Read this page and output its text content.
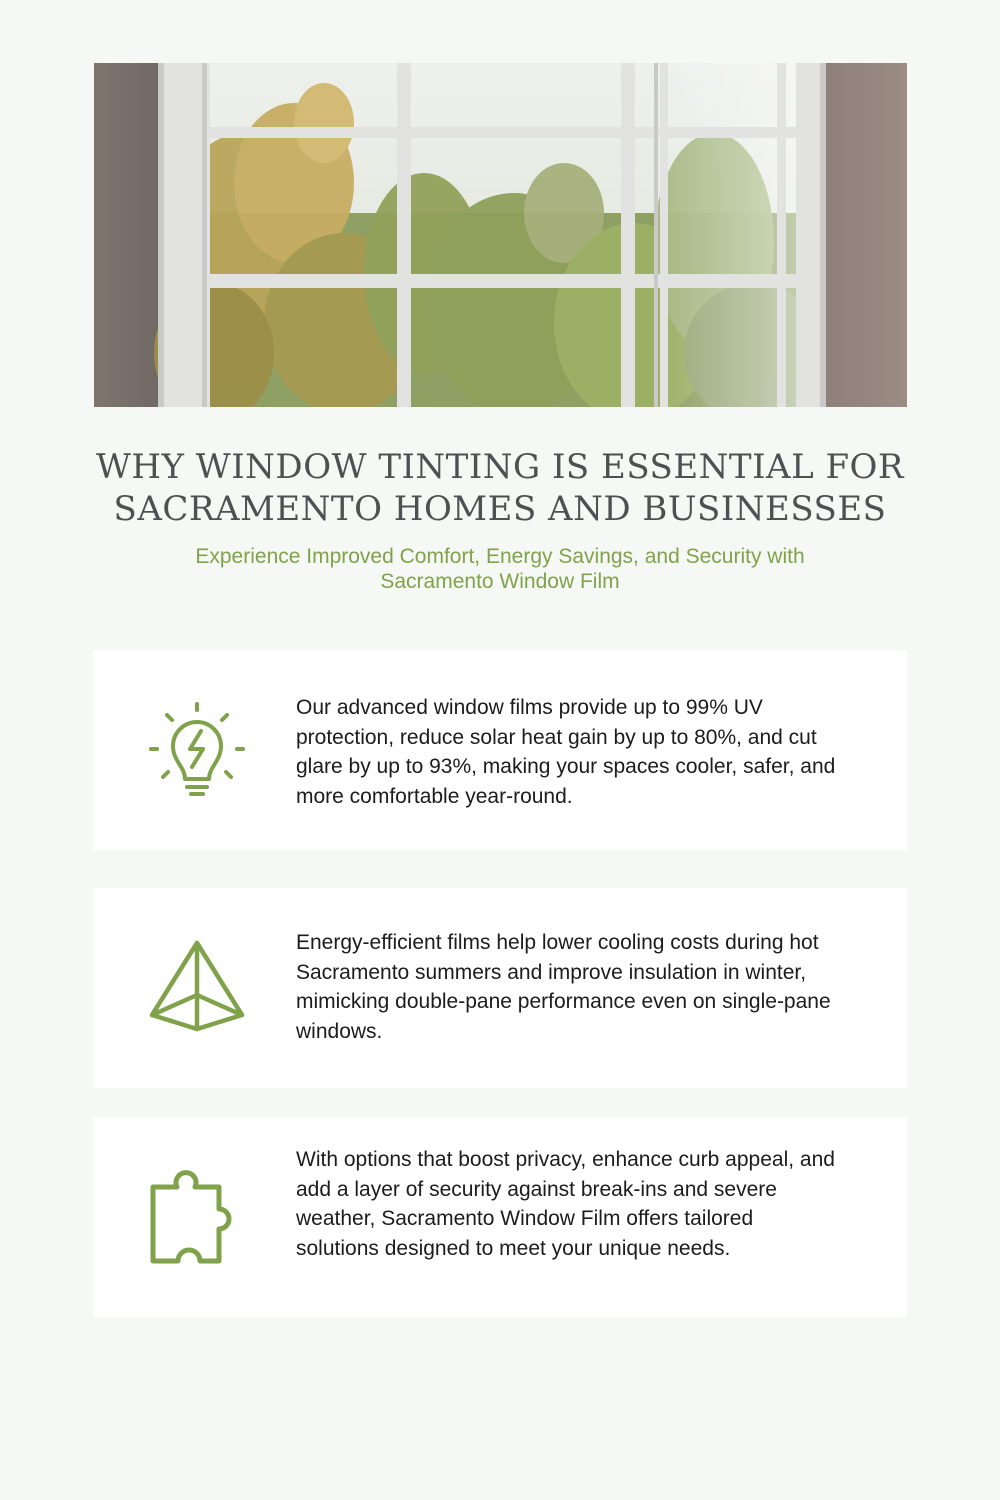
WHY WINDOW TINTING IS ESSENTIAL FOR SACRAMENTO HOMES AND BUSINESSES

Experience Improved Comfort, Energy Savings, and Security with Sacramento Window Film

Our advanced window films provide up to 99% UV protection, reduce solar heat gain by up to 80%, and cut glare by up to 93%, making your spaces cooler, safer, and more comfortable year-round.

Energy-efficient films help lower cooling costs during hot Sacramento summers and improve insulation in winter, mimicking double-pane performance even on single-pane windows.

With options that boost privacy, enhance curb appeal, and add a layer of security against break-ins and severe weather, Sacramento Window Film offers tailored solutions designed to meet your unique needs.
